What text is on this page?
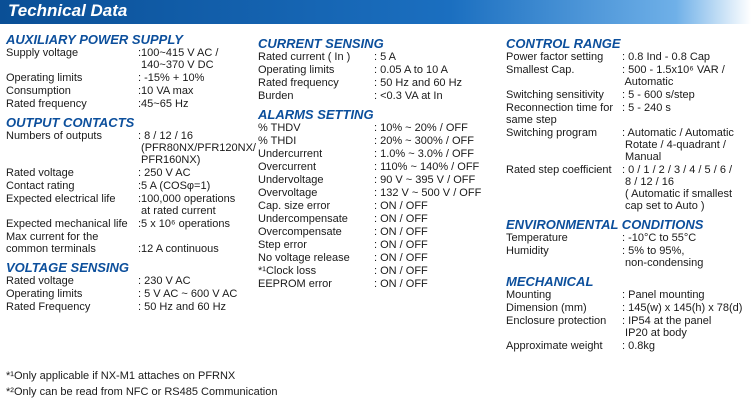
Technical Data
AUXILIARY POWER SUPPLY
Supply voltage	:100~415 V AC /
140~370 V DC
Operating limits	: -15% + 10%
Consumption	:10 VA max
Rated frequency	:45~65 Hz
OUTPUT CONTACTS
Numbers of outputs	: 8 / 12 / 16
(PFR80NX/PFR120NX/
PFR160NX)
Rated voltage	: 250 V AC
Contact rating	:5 A (COSφ=1)
Expected electrical life :100,000 operations
at rated current
Expected mechanical life :5 x 10⁶ operations
Max current for the
common terminals	
:12 A continuous
VOLTAGE SENSING
Rated voltage	: 230 V AC
Operating limits	: 5 V AC ~ 600 V AC
Rated Frequency	: 50 Hz and 60 Hz
CURRENT SENSING
Rated current ( In ) : 5 A
Operating limits	: 0.05 A to 10 A
Rated frequency	: 50 Hz and 60 Hz
Burden	: <0.3 VA at In
ALARMS SETTING
% THDV	: 10% ~ 20% / OFF
% THDI	: 20% ~ 300% / OFF
Undercurrent	: 1.0% ~ 3.0% / OFF
Overcurrent	: 110% ~ 140% / OFF
Undervoltage	: 90 V ~ 395 V / OFF
Overvoltage	: 132 V ~ 500 V / OFF
Cap. size error	: ON / OFF
Undercompensate : ON / OFF
Overcompensate	: ON / OFF
Step error	: ON / OFF
No voltage release : ON / OFF
*¹Clock loss	: ON / OFF
EEPROM error	: ON / OFF
CONTROL RANGE
Power factor setting : 0.8 Ind - 0.8 Cap
Smallest Cap.	: 500 - 1.5x10⁶ VAR /
Automatic
Switching sensitivity : 5 - 600 s/step
Reconnection time for
same step
: 5 - 240 s
Switching program : Automatic / Automatic
Rotate / 4-quadrant /
Manual
Rated step coefficient : 0 / 1 / 2 / 3 / 4 / 5 / 6 /
8 / 12 / 16
( Automatic if smallest
cap set to Auto )
ENVIRONMENTAL CONDITIONS
Temperature	: -10°C to 55°C
Humidity	: 5% to 95%,
non-condensing
MECHANICAL
Mounting	: Panel mounting
Dimension (mm)	: 145(w) x 145(h) x 78(d)
Enclosure protection : IP54 at the panel
IP20 at body
Approximate weight : 0.8kg
*¹Only applicable if NX-M1 attaches on PFRNX
*²Only can be read from NFC or RS485 Communication
